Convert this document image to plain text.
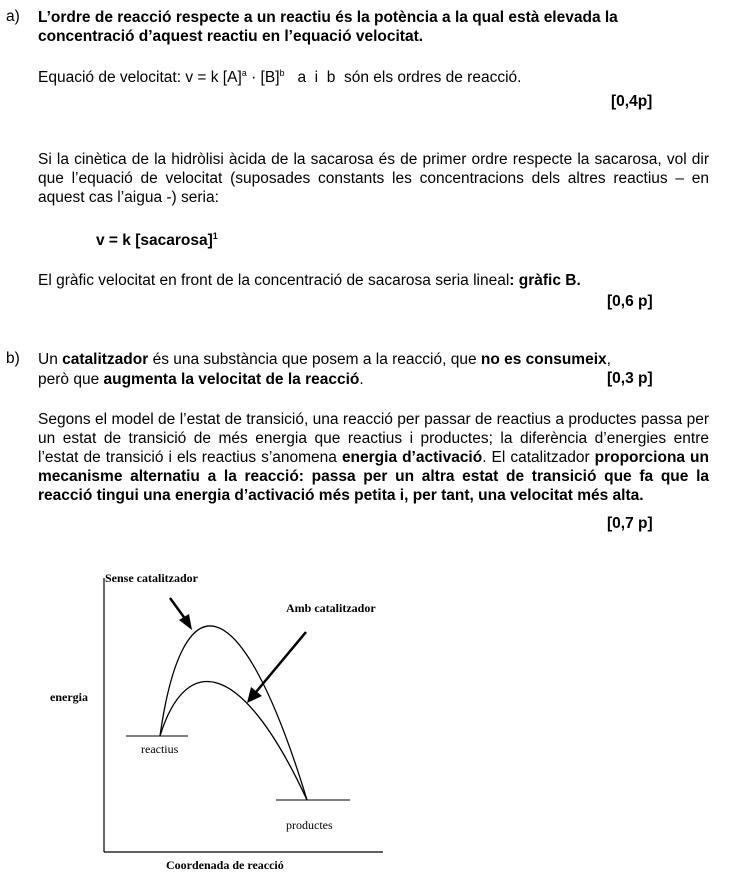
a) L’ordre de reacció respecte a un reactiu és la potència a la qual està elevada la concentració d’aquest reactiu en l’equació velocitat.
Equació de velocitat: v = k $[A]^a \cdot [B]^b$   a  i  b  són els ordres de reacció.
[0,4p]
Si la cinètica de la hidròlisi àcida de la sacarosa és de primer ordre respecte la sacarosa, vol dir que l’equació de velocitat (suposades constants les concentracions dels altres reactius – en aquest cas l’aigua -) seria:
v = k [sacarosa]$^1$
El gràfic velocitat en front de la concentració de sacarosa seria lineal: gràfic B.
[0,6 p]
b) Un catalitzador és una substància que posem a la reacció, que no es consumeix,
però que augmenta la velocitat de la reacció.	[0,3 p]
Segons el model de l’estat de transició, una reacció per passar de reactius a productes passa per un estat de transició de més energia que reactius i productes; la diferència d’energies entre l’estat de transició i els reactius s’anomena energia d’activació. El catalitzador proporciona un mecanisme alternatiu a la reacció: passa per un altra estat de transició que fa que la reacció tingui una energia d’activació més petita i, per tant, una velocitat més alta.
[0,7 p]
Sense catalitzador
Amb catalitzador
energia
reactius
productes
Coordenada de reacció
